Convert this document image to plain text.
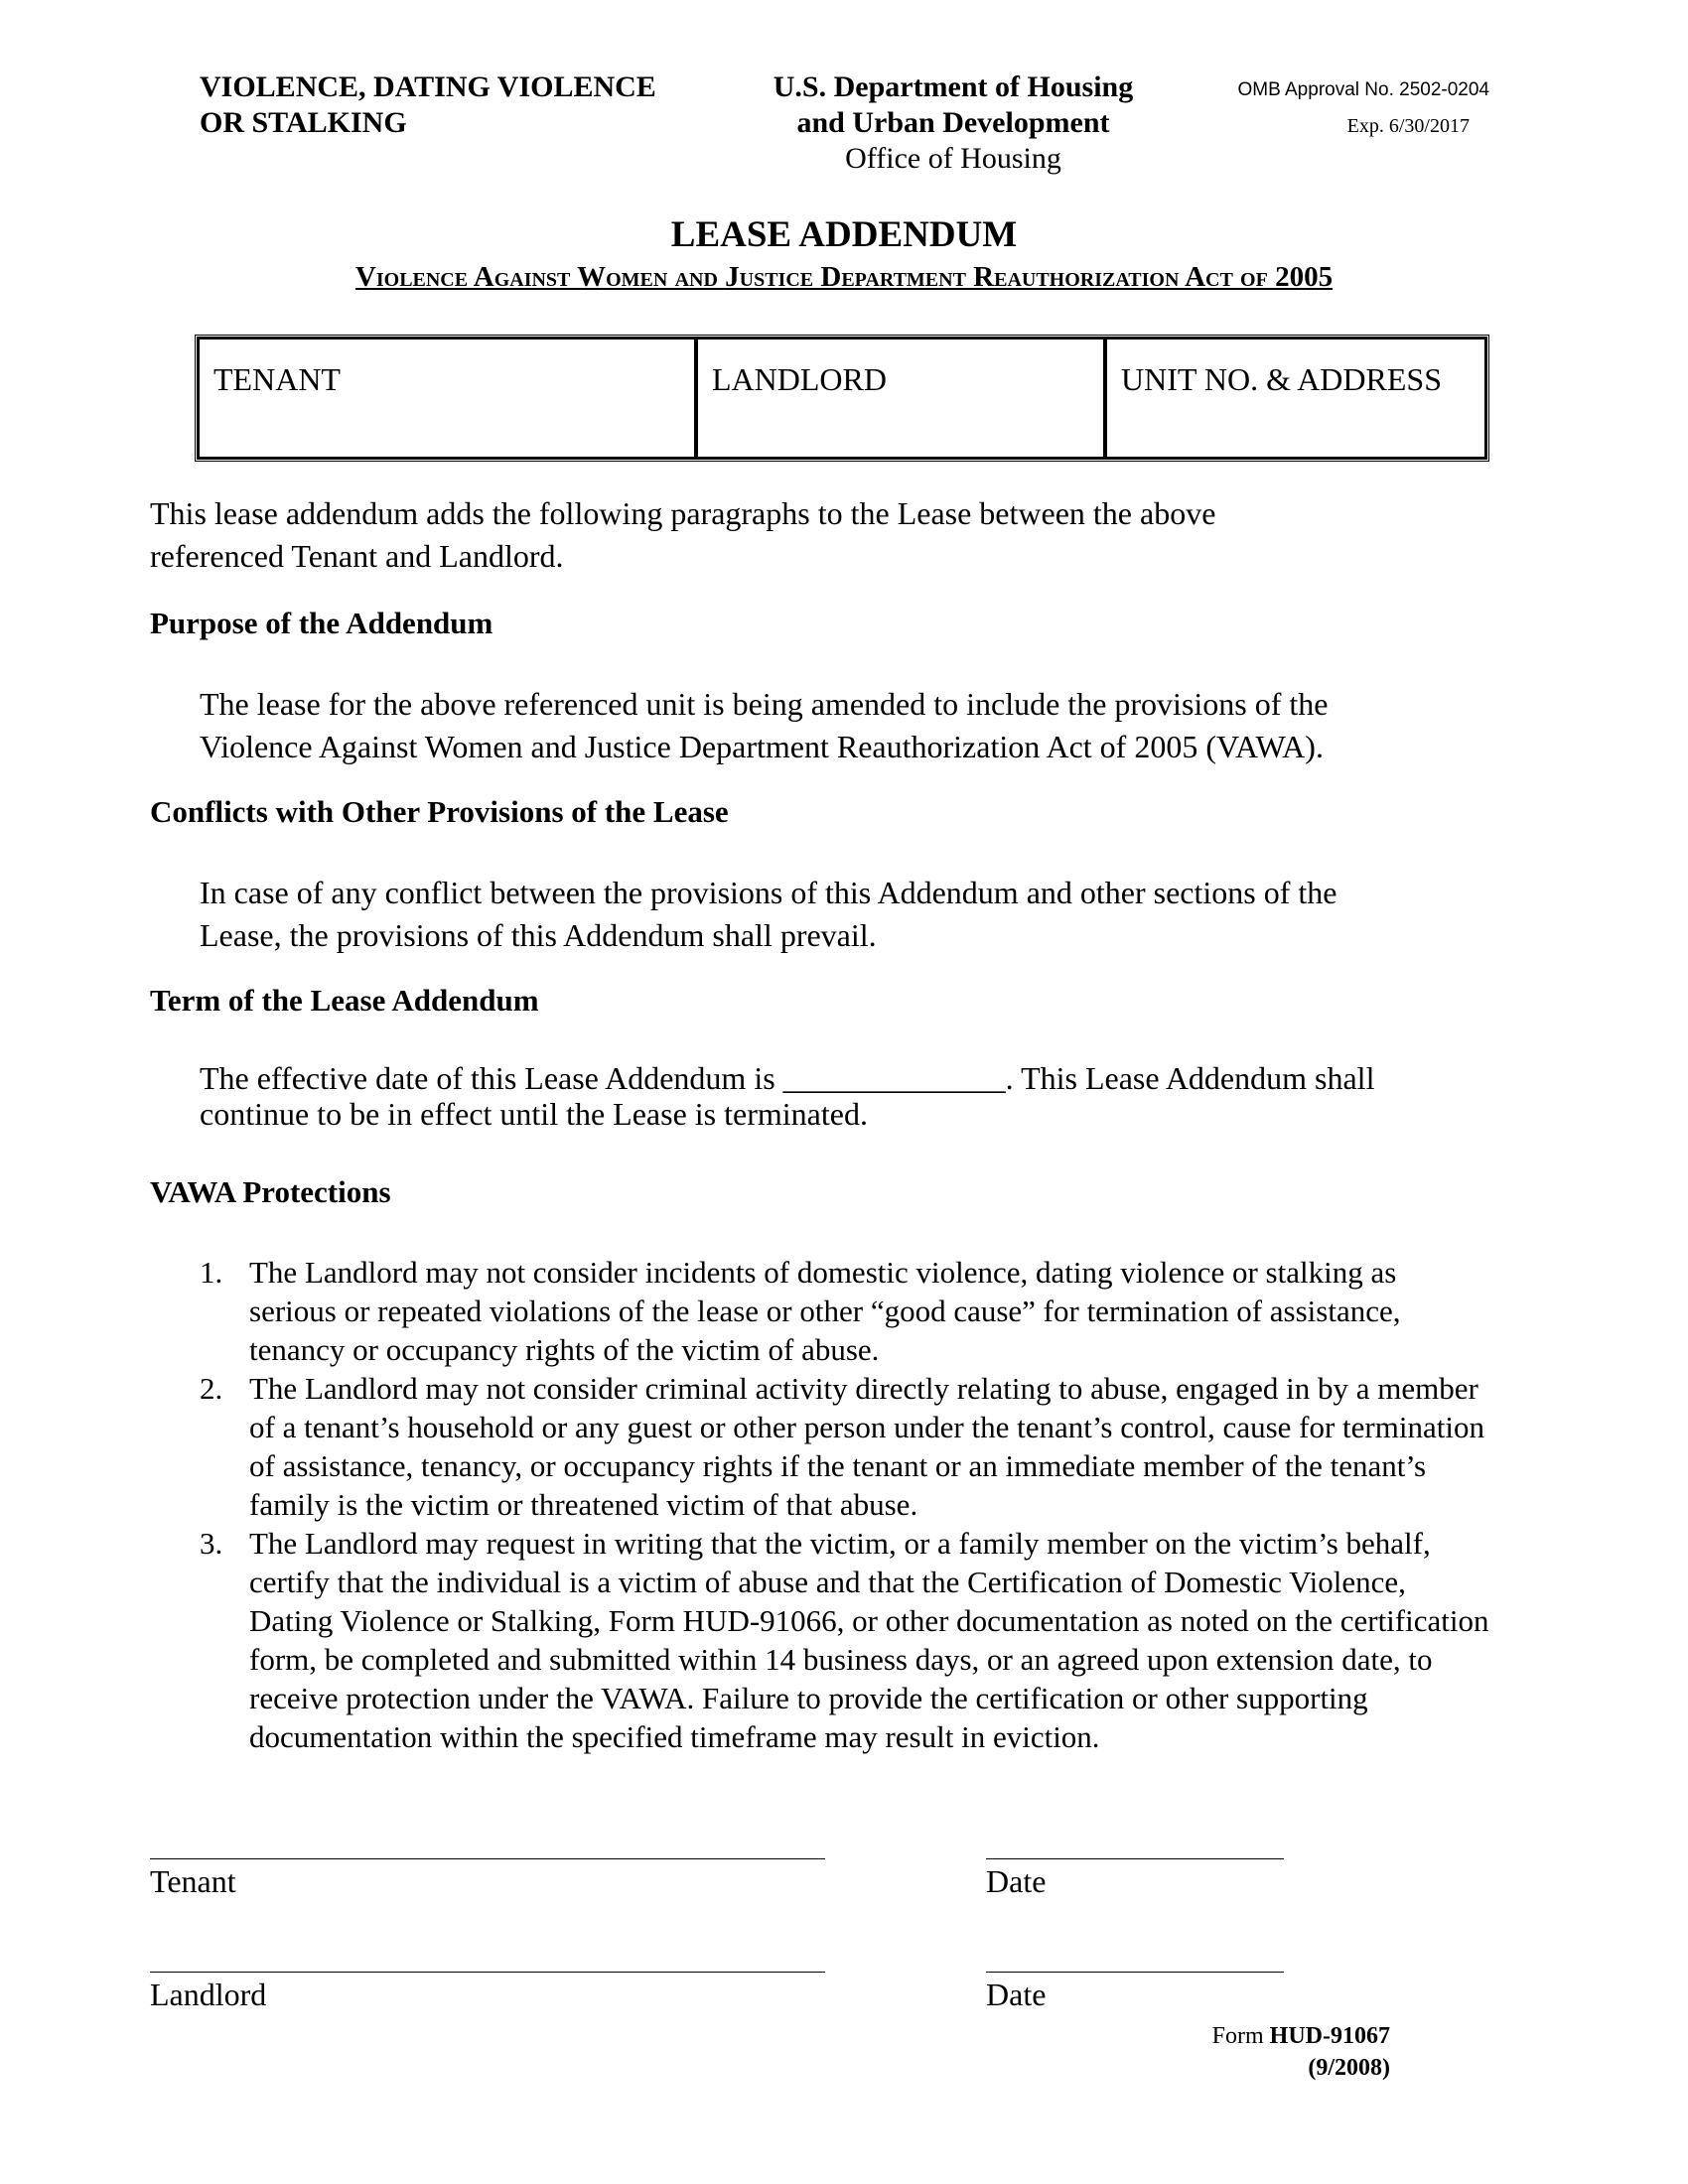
VIOLENCE, DATING VIOLENCE
OR STALKING
U.S. Department of Housing
and Urban Development
Office of Housing
OMB Approval No. 2502-0204
Exp. 6/30/2017
LEASE ADDENDUM
Violence Against Women and Justice Department Reauthorization Act of 2005
TENANT	LANDLORD	UNIT NO. & ADDRESS
This lease addendum adds the following paragraphs to the Lease between the above referenced Tenant and Landlord.
Purpose of the Addendum
The lease for the above referenced unit is being amended to include the provisions of the
Violence Against Women and Justice Department Reauthorization Act of 2005 (VAWA).
Conflicts with Other Provisions of the Lease
In case of any conflict between the provisions of this Addendum and other sections of the
Lease, the provisions of this Addendum shall prevail.
Term of the Lease Addendum
The effective date of this Lease Addendum is ______________. This Lease Addendum shall
continue to be in effect until the Lease is terminated.
VAWA Protections
1. The Landlord may not consider incidents of domestic violence, dating violence or stalking as serious or repeated violations of the lease or other “good cause” for termination of assistance, tenancy or occupancy rights of the victim of abuse.
2. The Landlord may not consider criminal activity directly relating to abuse, engaged in by a member of a tenant’s household or any guest or other person under the tenant’s control, cause for termination of assistance, tenancy, or occupancy rights if the tenant or an immediate member of the tenant’s family is the victim or threatened victim of that abuse.
3. The Landlord may request in writing that the victim, or a family member on the victim’s behalf, certify that the individual is a victim of abuse and that the Certification of Domestic Violence, Dating Violence or Stalking, Form HUD-91066, or other documentation as noted on the certification form, be completed and submitted within 14 business days, or an agreed upon extension date, to receive protection under the VAWA. Failure to provide the certification or other supporting documentation within the specified timeframe may result in eviction.
Tenant	Date
Landlord	Date
Form HUD-91067
(9/2008)
